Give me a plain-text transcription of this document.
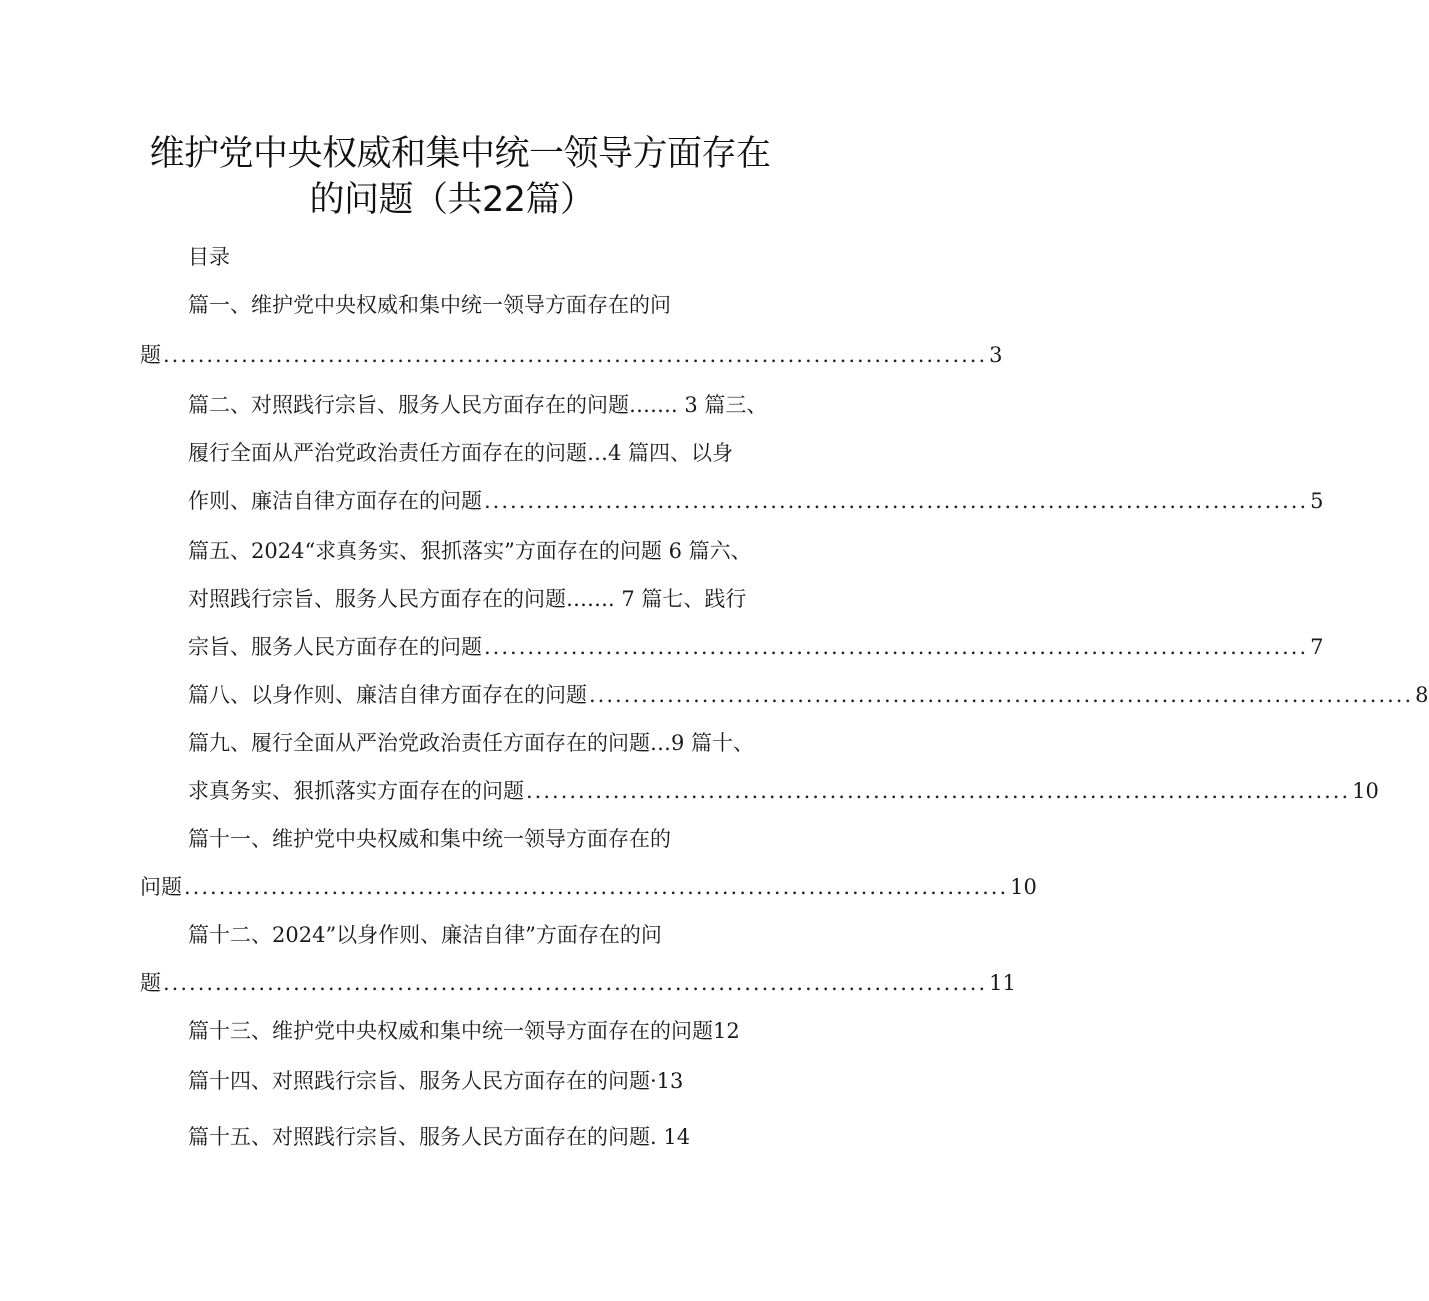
维护党中央权威和集中统一领导方面存在
的问题（共22篇）
目录
篇一、维护党中央权威和集中统一领导方面存在的问
题 ............................................................................................... 3
篇二、对照践行宗旨、服务人民方面存在的问题……. 3 篇三、
履行全面从严治党政治责任方面存在的问题…4 篇四、以身
作则、廉洁自律方面存在的问题 ............................................................................................... 5
篇五、2024“求真务实、狠抓落实”方面存在的问题 6 篇六、
对照践行宗旨、服务人民方面存在的问题……. 7 篇七、践行
宗旨、服务人民方面存在的问题 ............................................................................................... 7
篇八、以身作则、廉洁自律方面存在的问题 ............................................................................................... 8
篇九、履行全面从严治党政治责任方面存在的问题…9 篇十、
求真务实、狠抓落实方面存在的问题 ............................................................................................... 10
篇十一、维护党中央权威和集中统一领导方面存在的
问题 ............................................................................................... 10
篇十二、2024”以身作则、廉洁自律”方面存在的问
题 ............................................................................................... 11
篇十三、维护党中央权威和集中统一领导方面存在的问题12
篇十四、对照践行宗旨、服务人民方面存在的问题·13
篇十五、对照践行宗旨、服务人民方面存在的问题. 14
